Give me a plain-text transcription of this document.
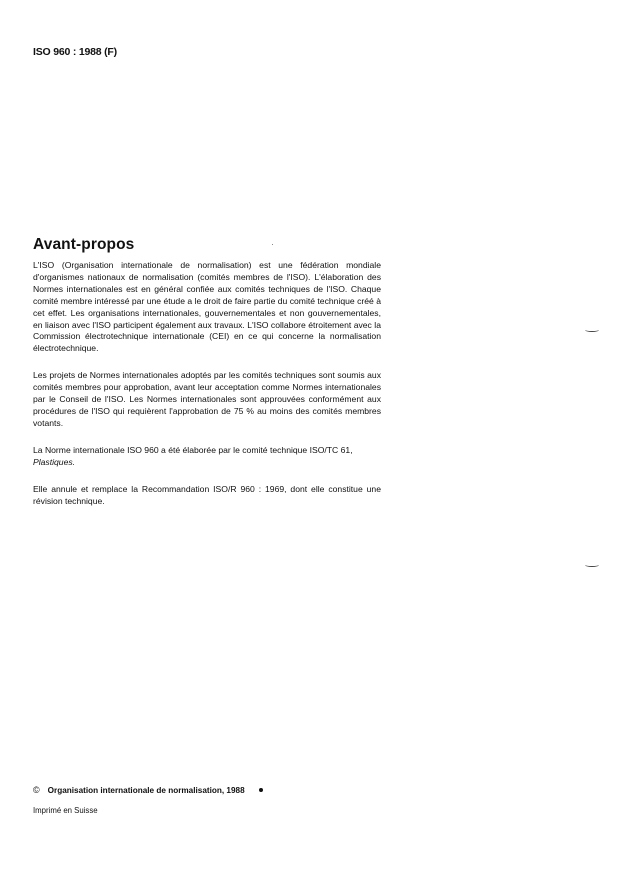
ISO 960 : 1988 (F)
Avant-propos

L'ISO (Organisation internationale de normalisation) est une fédération mondiale d'organismes nationaux de normalisation (comités membres de l'ISO). L'élaboration des Normes internationales est en général confiée aux comités techniques de l'ISO. Chaque comité membre intéressé par une étude a le droit de faire partie du comité technique créé à cet effet. Les organisations internationales, gouvernementales et non gouvernementales, en liaison avec l'ISO participent également aux travaux. L'ISO collabore étroitement avec la Commission électrotechnique internationale (CEI) en ce qui concerne la normalisation électrotechnique.

Les projets de Normes internationales adoptés par les comités techniques sont soumis aux comités membres pour approbation, avant leur acceptation comme Normes internationales par le Conseil de l'ISO. Les Normes internationales sont approuvées conformément aux procédures de l'ISO qui requièrent l'approbation de 75 % au moins des comités membres votants.

La Norme internationale ISO 960 a été élaborée par le comité technique ISO/TC 61,
Plastiques.

Elle annule et remplace la Recommandation ISO/R 960 : 1969, dont elle constitue une révision technique.

© Organisation internationale de normalisation, 1988
Imprimé en Suisse
